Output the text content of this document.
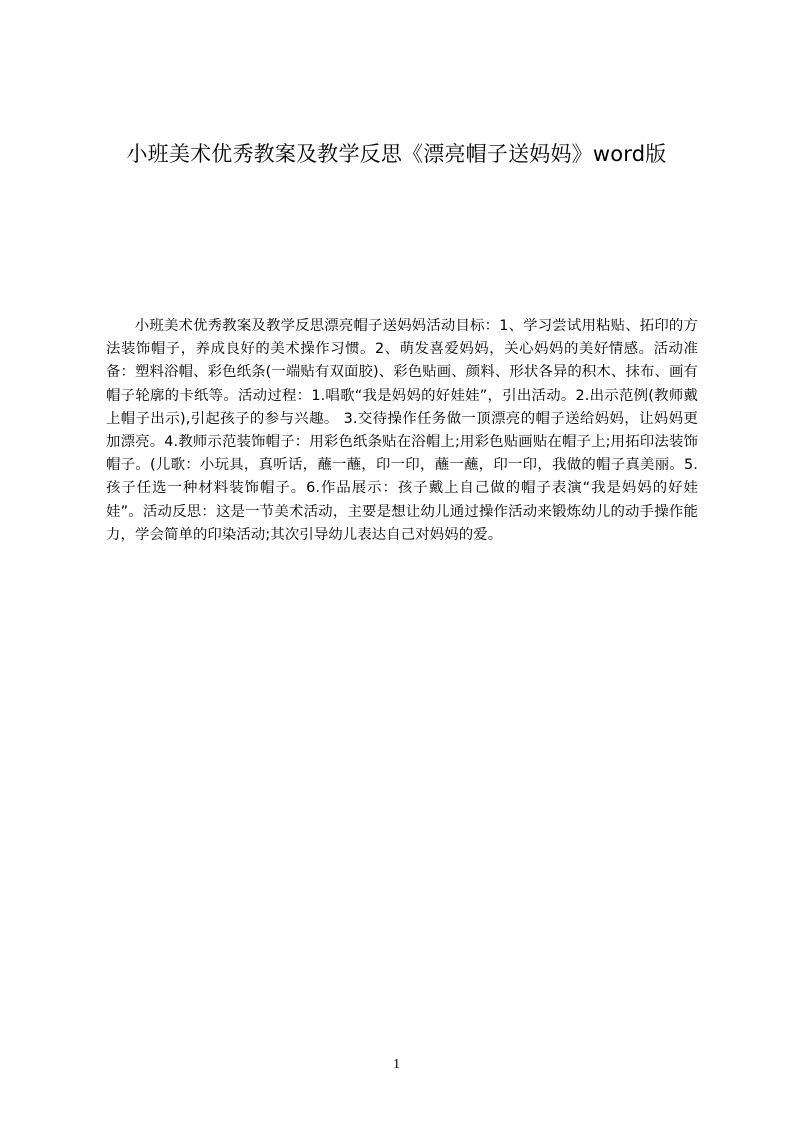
小班美术优秀教案及教学反思《漂亮帽子送妈妈》word版
小班美术优秀教案及教学反思漂亮帽子送妈妈活动目标：1、学习尝试用粘贴、拓印的方法装饰帽子，养成良好的美术操作习惯。2、萌发喜爱妈妈，关心妈妈的美好情感。活动准备：塑料浴帽、彩色纸条(一端贴有双面胶)、彩色贴画、颜料、形状各异的积木、抹布、画有帽子轮廓的卡纸等。活动过程：1.唱歌“我是妈妈的好娃娃”，引出活动。2.出示范例(教师戴上帽子出示),引起孩子的参与兴趣。 3.交待操作任务做一顶漂亮的帽子送给妈妈，让妈妈更加漂亮。4.教师示范装饰帽子：用彩色纸条贴在浴帽上;用彩色贴画贴在帽子上;用拓印法装饰帽子。(儿歌：小玩具，真听话，蘸一蘸，印一印，蘸一蘸，印一印，我做的帽子真美丽。5.孩子任选一种材料装饰帽子。6.作品展示：孩子戴上自己做的帽子表演“我是妈妈的好娃娃”。活动反思：这是一节美术活动，主要是想让幼儿通过操作活动来锻炼幼儿的动手操作能力，学会简单的印染活动;其次引导幼儿表达自己对妈妈的爱。
1
